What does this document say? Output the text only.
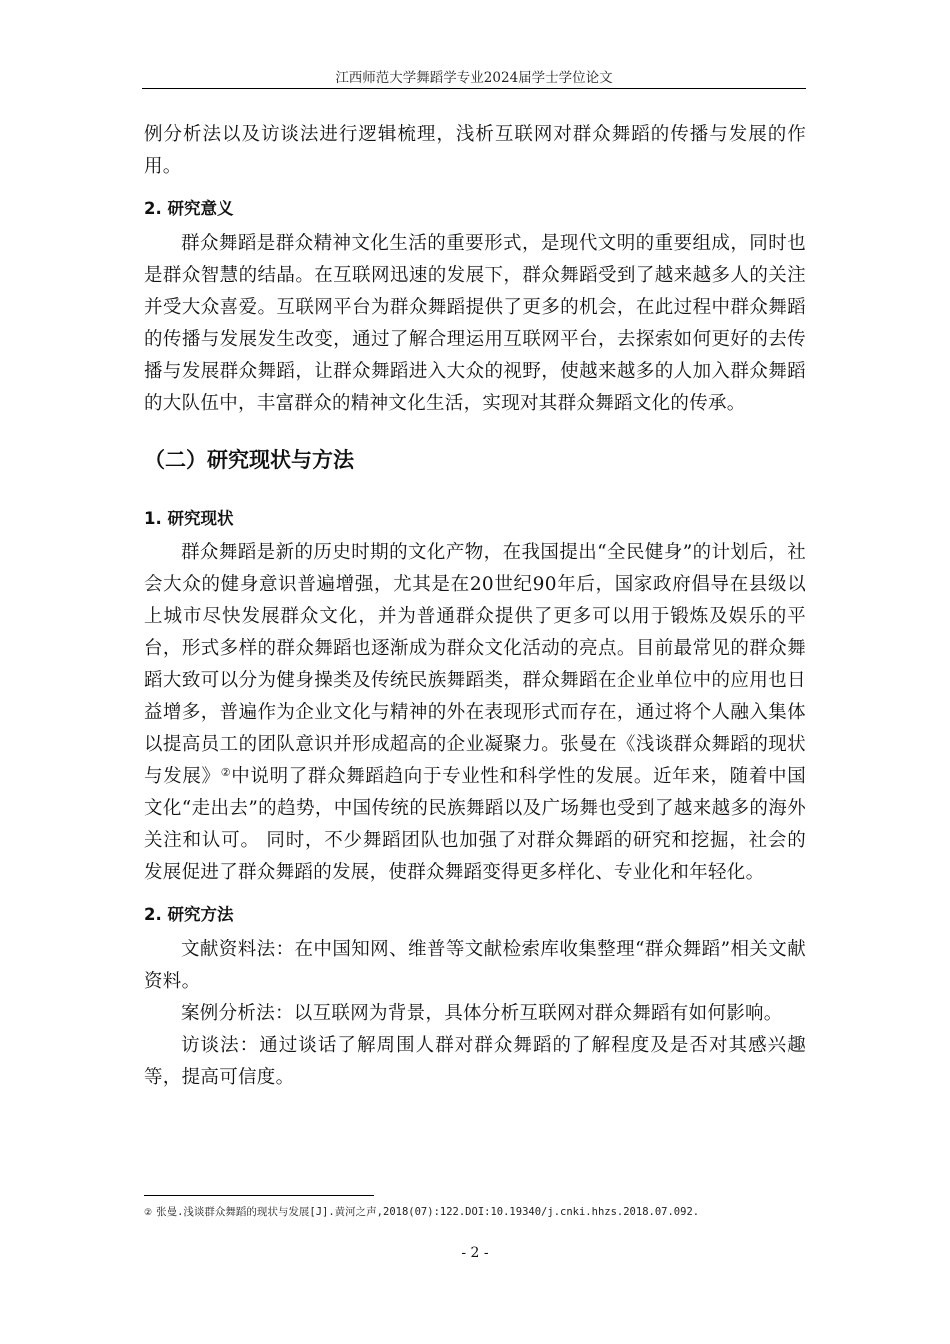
江西师范大学舞蹈学专业2024届学士学位论文

例分析法以及访谈法进行逻辑梳理，浅析互联网对群众舞蹈的传播与发展的作用。

2. 研究意义

群众舞蹈是群众精神文化生活的重要形式，是现代文明的重要组成，同时也是群众智慧的结晶。在互联网迅速的发展下，群众舞蹈受到了越来越多人的关注并受大众喜爱。互联网平台为群众舞蹈提供了更多的机会，在此过程中群众舞蹈的传播与发展发生改变，通过了解合理运用互联网平台，去探索如何更好的去传播与发展群众舞蹈，让群众舞蹈进入大众的视野，使越来越多的人加入群众舞蹈的大队伍中，丰富群众的精神文化生活，实现对其群众舞蹈文化的传承。

（二）研究现状与方法
1. 研究现状

群众舞蹈是新的历史时期的文化产物，在我国提出“全民健身”的计划后，社会大众的健身意识普遍增强，尤其是在20世纪90年后，国家政府倡导在县级以上城市尽快发展群众文化，并为普通群众提供了更多可以用于锻炼及娱乐的平台，形式多样的群众舞蹈也逐渐成为群众文化活动的亮点。目前最常见的群众舞蹈大致可以分为健身操类及传统民族舞蹈类，群众舞蹈在企业单位中的应用也日益增多，普遍作为企业文化与精神的外在表现形式而存在，通过将个人融入集体以提高员工的团队意识并形成超高的企业凝聚力。张曼在《浅谈群众舞蹈的现状与发展》②中说明了群众舞蹈趋向于专业性和科学性的发展。近年来，随着中国文化“走出去”的趋势，中国传统的民族舞蹈以及广场舞也受到了越来越多的海外关注和认可。 同时，不少舞蹈团队也加强了对群众舞蹈的研究和挖掘，社会的发展促进了群众舞蹈的发展，使群众舞蹈变得更多样化、专业化和年轻化。

2. 研究方法

文献资料法：在中国知网、维普等文献检索库收集整理“群众舞蹈”相关文献资料。

案例分析法：以互联网为背景，具体分析互联网对群众舞蹈有如何影响。

访谈法：通过谈话了解周围人群对群众舞蹈的了解程度及是否对其感兴趣等，提高可信度。

② 张曼.浅谈群众舞蹈的现状与发展[J].黄河之声,2018(07):122.DOI:10.19340/j.cnki.hhzs.2018.07.092.
- 2 -
